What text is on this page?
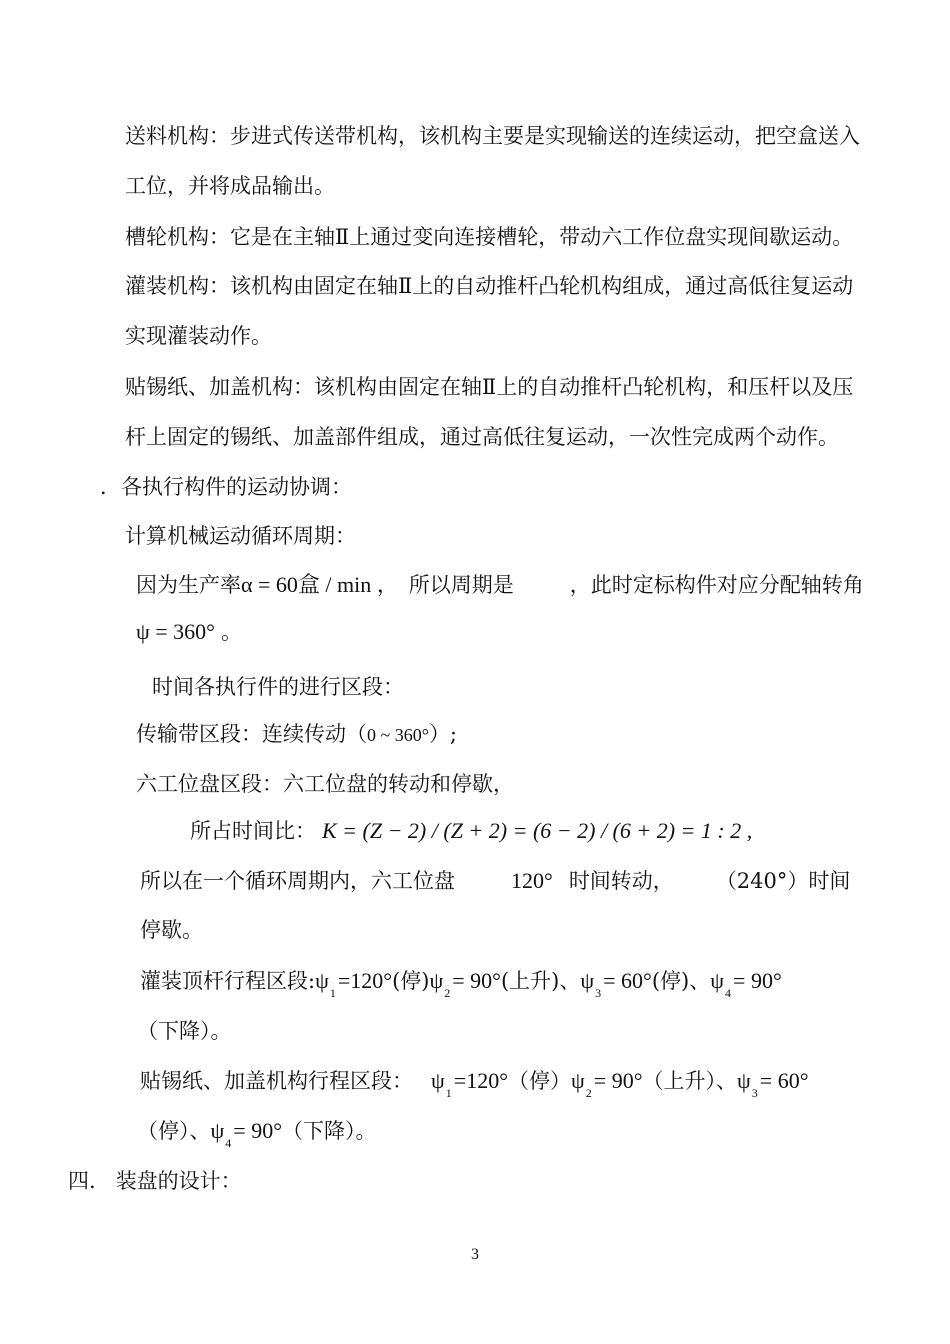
送料机构：步进式传送带机构，该机构主要是实现输送的连续运动，把空盒送入
工位，并将成品输出。
槽轮机构：它是在主轴Ⅱ上通过变向连接槽轮，带动六工作位盘实现间歇运动。
灌装机构：该机构由固定在轴Ⅱ上的自动推杆凸轮机构组成，通过高低往复运动
实现灌装动作。
贴锡纸、加盖机构：该机构由固定在轴Ⅱ上的自动推杆凸轮机构，和压杆以及压
杆上固定的锡纸、加盖部件组成，通过高低往复运动，一次性完成两个动作。
．各执行构件的运动协调：
计算机械运动循环周期：
因为生产率α = 60盒 / min ， 所以周期是	，此时定标构件对应分配轴转角
ψ = 360° 。
时间各执行件的进行区段：
传输带区段：连续传动（0 ~ 360°）;
六工位盘区段：六工位盘的转动和停歇，
所占时间比： K = (Z − 2) / (Z + 2) = (6 − 2) / (6 + 2) = 1 : 2 ,
所以在一个循环周期内，六工位盘	120° 时间转动， （240°）时间
停歇。
灌装顶杆行程区段$:\psi_1=120^\circ$(停)$\psi_2= 90^\circ$(上升)、$\psi_3= 60^\circ$(停)、$\psi_4= 90^\circ$
（下降）。
贴锡纸、加盖机构行程区段： $\psi_1=120^\circ$（停）$\psi_2= 90^\circ$（上升）、$\psi_3= 60^\circ$
（停）、$\psi_4= 90^\circ$（下降）。
四. 装盘的设计：
3
